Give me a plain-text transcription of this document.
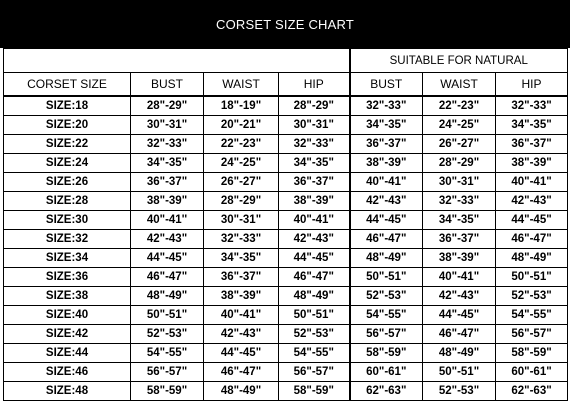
CORSET SIZE CHART
				SUITABLE FOR NATURAL		
CORSET SIZE	BUST	WAIST	HIP	BUST	WAIST	HIP
SIZE:18	28"-29"	18"-19"	28"-29"	32"-33"	22"-23"	32"-33"
SIZE:20	30"-31"	20"-21"	30"-31"	34"-35"	24"-25"	34"-35"
SIZE:22	32"-33"	22"-23"	32"-33"	36"-37"	26"-27"	36"-37"
SIZE:24	34"-35"	24"-25"	34"-35"	38"-39"	28"-29"	38"-39"
SIZE:26	36"-37"	26"-27"	36"-37"	40"-41"	30"-31"	40"-41"
SIZE:28	38"-39"	28"-29"	38"-39"	42"-43"	32"-33"	42"-43"
SIZE:30	40"-41''	30"-31"	40"-41''	44"-45"	34"-35"	44"-45"
SIZE:32	42"-43"	32"-33"	42"-43"	46"-47"	36"-37"	46"-47"
SIZE:34	44"-45"	34"-35"	44"-45"	48"-49"	38"-39"	48"-49"
SIZE:36	46"-47"	36"-37"	46"-47"	50"-51"	40"-41"	50"-51"
SIZE:38	48"-49"	38"-39"	48"-49"	52"-53"	42"-43"	52"-53"
SIZE:40	50"-51"	40"-41"	50"-51"	54"-55"	44"-45"	54"-55"
SIZE:42	52"-53"	42"-43"	52"-53"	56"-57"	46"-47"	56"-57"
SIZE:44	54"-55"	44"-45"	54"-55"	58"-59"	48"-49"	58"-59"
SIZE:46	56"-57"	46"-47"	56"-57"	60"-61"	50"-51"	60"-61"
SIZE:48	58"-59"	48"-49"	58"-59"	62"-63"	52"-53"	62"-63"
